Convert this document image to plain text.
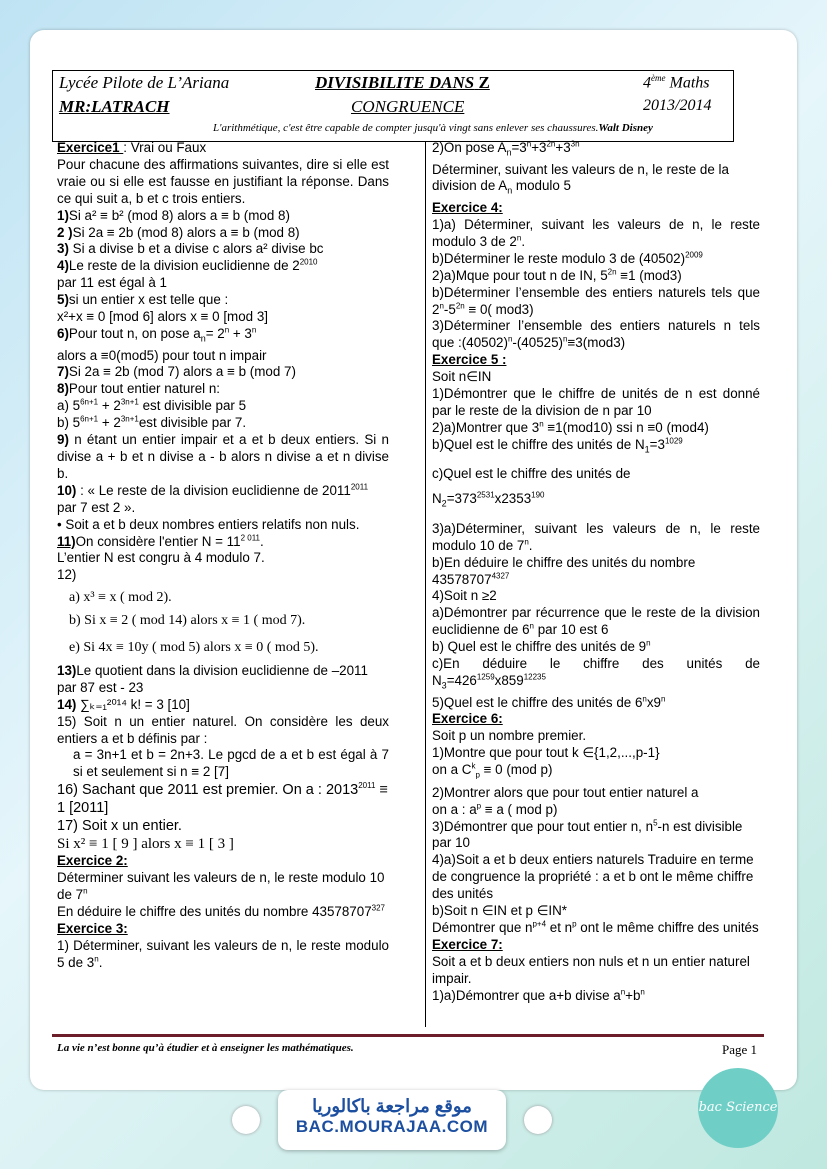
Lycée Pilote de L’Ariana
MR:LATRACH
DIVISIBILITE DANS Z
CONGRUENCE
4ème Maths
2013/2014
L'arithmétique, c'est être capable de compter jusqu'à vingt sans enlever ses chaussures.Walt Disney

Exercice1 : Vrai ou Faux

Pour chacune des affirmations suivantes, dire si elle est vraie ou si elle est fausse en justifiant la réponse. Dans ce qui suit a, b et c trois entiers.

1)Si a² ≡ b² (mod 8) alors a ≡ b (mod 8)

2 )Si 2a ≡ 2b (mod 8) alors a ≡ b (mod 8)

3) Si a divise b et a divise c alors a² divise bc

4)Le reste de la division euclidienne de $2^{2010}$

par 11 est égal à 1

5)si un entier x est telle que :

x²+x ≡ 0 [mod 6] alors x ≡ 0 [mod 3]

6)Pour tout n, on pose $a_n= 2^n + 3^n$

alors a ≡0(mod5) pour tout n impair

7)Si 2a ≡ 2b (mod 7) alors a ≡ b (mod 7)

8)Pour tout entier naturel n:

a) $5^{6n+1} + 2^{3n+1}$ est divisible par 5

b) $5^{6n+1} + 2^{3n+1}est$ divisible par 7.

9) n étant un entier impair et a et b deux entiers. Si n divise a + b et n divise a - b alors n divise a et n divise b.

10) : « Le reste de la division euclidienne de $2011^{2011}$ par 7 est 2 ».

• Soit a et b deux nombres entiers relatifs non nuls.

11)On considère l'entier $N = 11^{2 011}$.

L’entier N est congru à 4 modulo 7.

12)

a) x³ ≡ x ( mod 2).

b) Si x ≡ 2 ( mod 14) alors x ≡ 1 ( mod 7).

e) Si 4x ≡ 10y ( mod 5) alors x ≡ 0 ( mod 5).

13)Le quotient dans la division euclidienne de –2011 par 87 est - 23

14) ∑ₖ₌₁²⁰¹⁴ k! = 3 [10]

15) Soit n un entier naturel. On considère les deux entiers a et b définis par :

a = 3n+1 et b = 2n+3. Le pgcd de a et b est égal à 7 si et seulement si n ≡ 2 [7]

16) Sachant que 2011 est premier. On a : $2013^{2011} \equiv 1$ [2011]

17) Soit x un entier.

Si x² ≡ 1 [ 9 ] alors x ≡ 1 [ 3 ]

Exercice 2:

Déterminer suivant les valeurs de n, le reste modulo 10 de 7$^n$

En déduire le chiffre des unités du nombre 43578707$^{327}$

Exercice 3:

1) Déterminer, suivant les valeurs de n, le reste modulo 5 de 3$^n$.

2)On pose $A_n=3^n+3^{2n}+3^{3n}$

Déterminer, suivant les valeurs de n, le reste de la division de $A_n$ modulo 5

Exercice 4:

1)a) Déterminer, suivant les valeurs de n, le reste modulo 3 de 2$^n$.

b)Déterminer le reste modulo 3 de $(40502)^{2009}$

2)a)Mque pour tout n de IN, $5^{2n} \equiv 1$ (mod3)

b)Déterminer l’ensemble des entiers naturels tels que $2^n-5^{2n} \equiv 0$( mod3)

3)Déterminer l’ensemble des entiers naturels n tels que $:(40502)^n-(40525)^n\equiv 3(mod3)$

Exercice 5 :

Soit n∈IN

1)Démontrer que le chiffre de unités de n est donné par le reste de la division de n par 10

2)a)Montrer que $3^n \equiv 1(mod10)$ ssi n ≡0 (mod4)

b)Quel est le chiffre des unités de $N_1=3^{1029}$

c)Quel est le chiffre des unités de

$N_2=373^{2531}x2353^{190}$

3)a)Déterminer, suivant les valeurs de n, le reste modulo 10 de 7$^n$.

b)En déduire le chiffre des unités du nombre $43578707^{4327}$

4)Soit n ≥2

a)Démontrer par récurrence que le reste de la division euclidienne de 6$^n$ par 10 est 6

b) Quel est le chiffre des unités de 9$^n$

c)En déduire le chiffre des unités de $N_3=426^{1259}x859^{12235}$

5)Quel est le chiffre des unités de 6$^n$x9$^n$

Exercice 6:

Soit p un nombre premier.

1)Montre que pour tout k ∈{1,2,...,p-1}

on a $C^k_p \equiv 0$ (mod p)

2)Montrer alors que pour tout entier naturel a

on a : $a^p \equiv a$ ( mod p)

3)Démontrer que pour tout entier n, $n^5-n$ est divisible par 10

4)a)Soit a et b deux entiers naturels Traduire en terme de congruence la propriété : a et b ont le même chiffre des unités

b)Soit n ∈IN et p ∈IN*

Démontrer que $n^{p+4}$ et $n^p$ ont le même chiffre des unités

Exercice 7:

Soit a et b deux entiers non nuls et n un entier naturel impair.

1)a)Démontrer que a+b divise $a^n+b^n$

La vie n’est bonne qu’à étudier et à enseigner les mathématiques.	Page 1
موقع مراجعة باكالوريا
BAC.MOURAJAA.COM
bac Science
